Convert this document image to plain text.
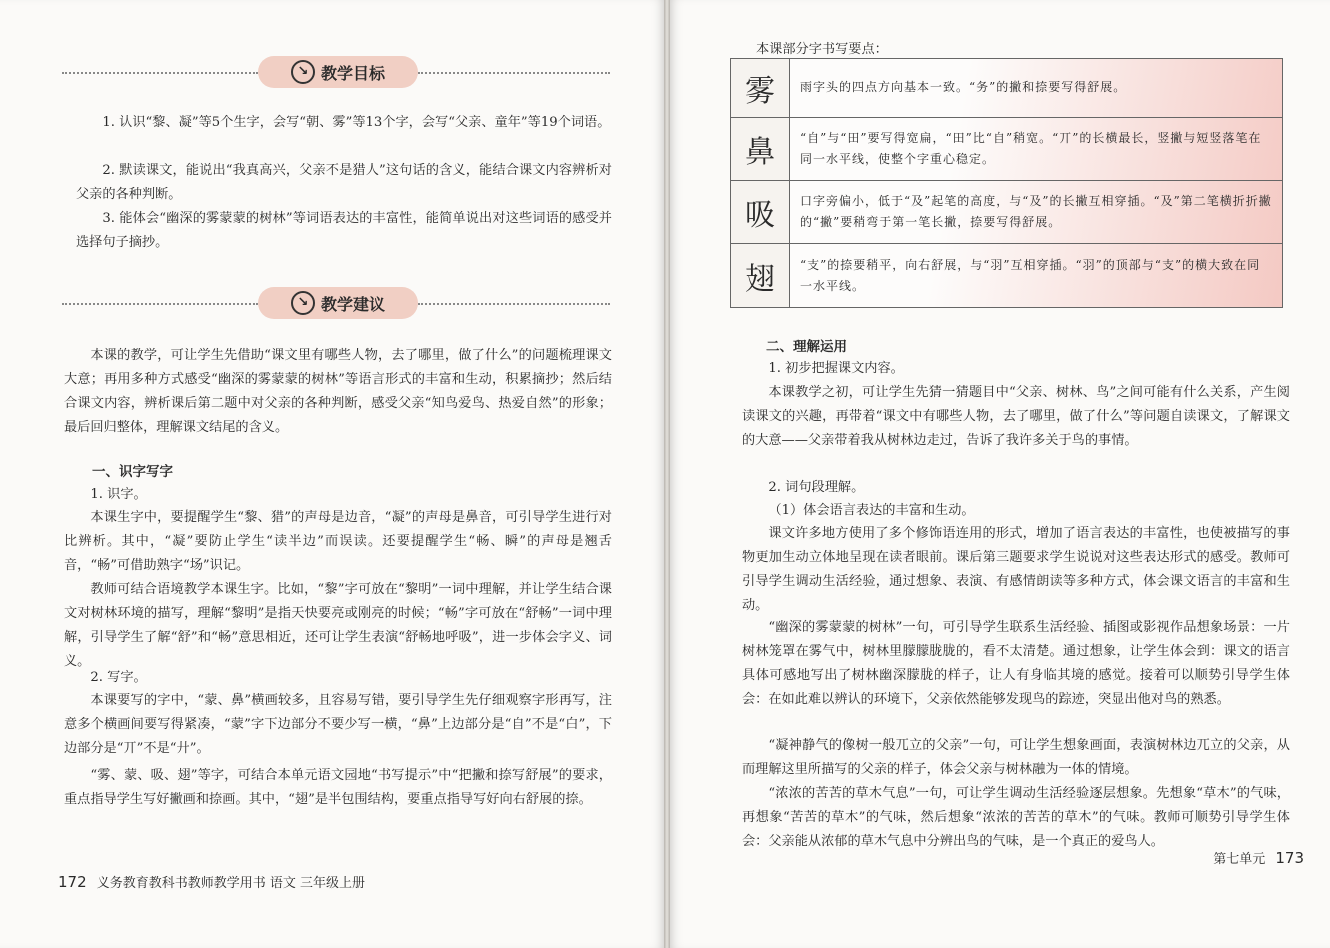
↘ 教学目标

1. 认识“黎、凝”等5个生字，会写“朝、雾”等13个字，会写“父亲、童年”等19个词语。

2. 默读课文，能说出“我真高兴，父亲不是猎人”这句话的含义，能结合课文内容辨析对父亲的各种判断。

3. 能体会“幽深的雾蒙蒙的树林”等词语表达的丰富性，能简单说出对这些词语的感受并选择句子摘抄。

↘ 教学建议

本课的教学，可让学生先借助“课文里有哪些人物，去了哪里，做了什么”的问题梳理课文大意；再用多种方式感受“幽深的雾蒙蒙的树林”等语言形式的丰富和生动，积累摘抄；然后结合课文内容，辨析课后第二题中对父亲的各种判断，感受父亲“知鸟爱鸟、热爱自然”的形象；最后回归整体，理解课文结尾的含义。

一、识字写字

1. 识字。

本课生字中，要提醒学生“黎、猎”的声母是边音，“凝”的声母是鼻音，可引导学生进行对比辨析。其中，“凝”要防止学生“读半边”而误读。还要提醒学生“畅、瞬”的声母是翘舌音，“畅”可借助熟字“场”识记。

教师可结合语境教学本课生字。比如，“黎”字可放在“黎明”一词中理解，并让学生结合课文对树林环境的描写，理解“黎明”是指天快要亮或刚亮的时候；“畅”字可放在“舒畅”一词中理解，引导学生了解“舒”和“畅”意思相近，还可让学生表演“舒畅地呼吸”，进一步体会字义、词义。

2. 写字。

本课要写的字中，“蒙、鼻”横画较多，且容易写错，要引导学生先仔细观察字形再写，注意多个横画间要写得紧凑，“蒙”字下边部分不要少写一横，“鼻”上边部分是“自”不是“白”，下边部分是“丌”不是“廾”。

“雾、蒙、吸、翅”等字，可结合本单元语文园地“书写提示”中“把撇和捺写舒展”的要求，重点指导学生写好撇画和捺画。其中，“翅”是半包围结构，要重点指导写好向右舒展的捺。

172 义务教育教科书教师教学用书 语文 三年级上册
本课部分字书写要点：
雾	雨字头的四点方向基本一致。“务”的撇和捺要写得舒展。
鼻	“自”与“田”要写得宽扁，“田”比“自”稍宽。“丌”的长横最长，竖撇与短竖落笔在同一水平线，使整个字重心稳定。
吸	口字旁偏小，低于“及”起笔的高度，与“及”的长撇互相穿插。“及”第二笔横折折撇的“撇”要稍弯于第一笔长撇，捺要写得舒展。
翅	“支”的捺要稍平，向右舒展，与“羽”互相穿插。“羽”的顶部与“支”的横大致在同一水平线。

二、理解运用

1. 初步把握课文内容。

本课教学之初，可让学生先猜一猜题目中“父亲、树林、鸟”之间可能有什么关系，产生阅读课文的兴趣，再带着“课文中有哪些人物，去了哪里，做了什么”等问题自读课文，了解课文的大意——父亲带着我从树林边走过，告诉了我许多关于鸟的事情。

2. 词句段理解。

（1）体会语言表达的丰富和生动。

课文许多地方使用了多个修饰语连用的形式，增加了语言表达的丰富性，也使被描写的事物更加生动立体地呈现在读者眼前。课后第三题要求学生说说对这些表达形式的感受。教师可引导学生调动生活经验，通过想象、表演、有感情朗读等多种方式，体会课文语言的丰富和生动。

“幽深的雾蒙蒙的树林”一句，可引导学生联系生活经验、插图或影视作品想象场景：一片树林笼罩在雾气中，树林里朦朦胧胧的，看不太清楚。通过想象，让学生体会到：课文的语言具体可感地写出了树林幽深朦胧的样子，让人有身临其境的感觉。接着可以顺势引导学生体会：在如此难以辨认的环境下，父亲依然能够发现鸟的踪迹，突显出他对鸟的熟悉。

“凝神静气的像树一般兀立的父亲”一句，可让学生想象画面，表演树林边兀立的父亲，从而理解这里所描写的父亲的样子，体会父亲与树林融为一体的情境。

“浓浓的苦苦的草木气息”一句，可让学生调动生活经验逐层想象。先想象“草木”的气味，再想象“苦苦的草木”的气味，然后想象“浓浓的苦苦的草木”的气味。教师可顺势引导学生体会：父亲能从浓郁的草木气息中分辨出鸟的气味，是一个真正的爱鸟人。

第七单元 173
